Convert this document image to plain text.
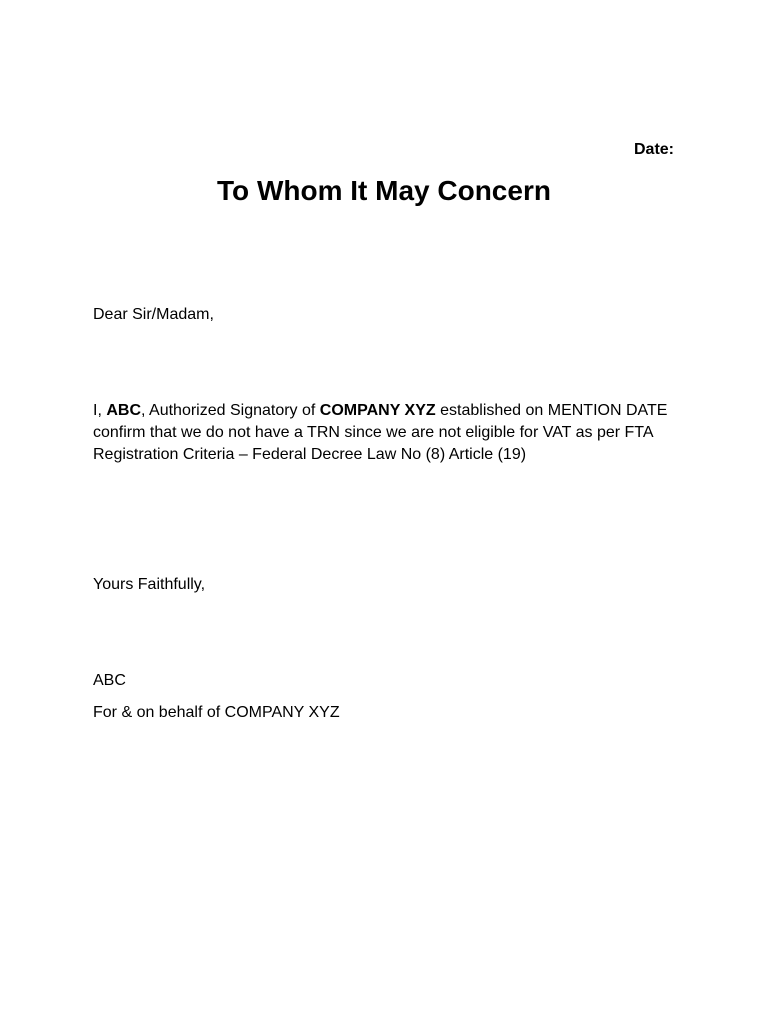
Date:
To Whom It May Concern
Dear Sir/Madam,
I, ABC, Authorized Signatory of COMPANY XYZ established on MENTION DATE
confirm that we do not have a TRN since we are not eligible for VAT as per FTA
Registration Criteria – Federal Decree Law No (8) Article (19)
Yours Faithfully,
ABC
For & on behalf of COMPANY XYZ
